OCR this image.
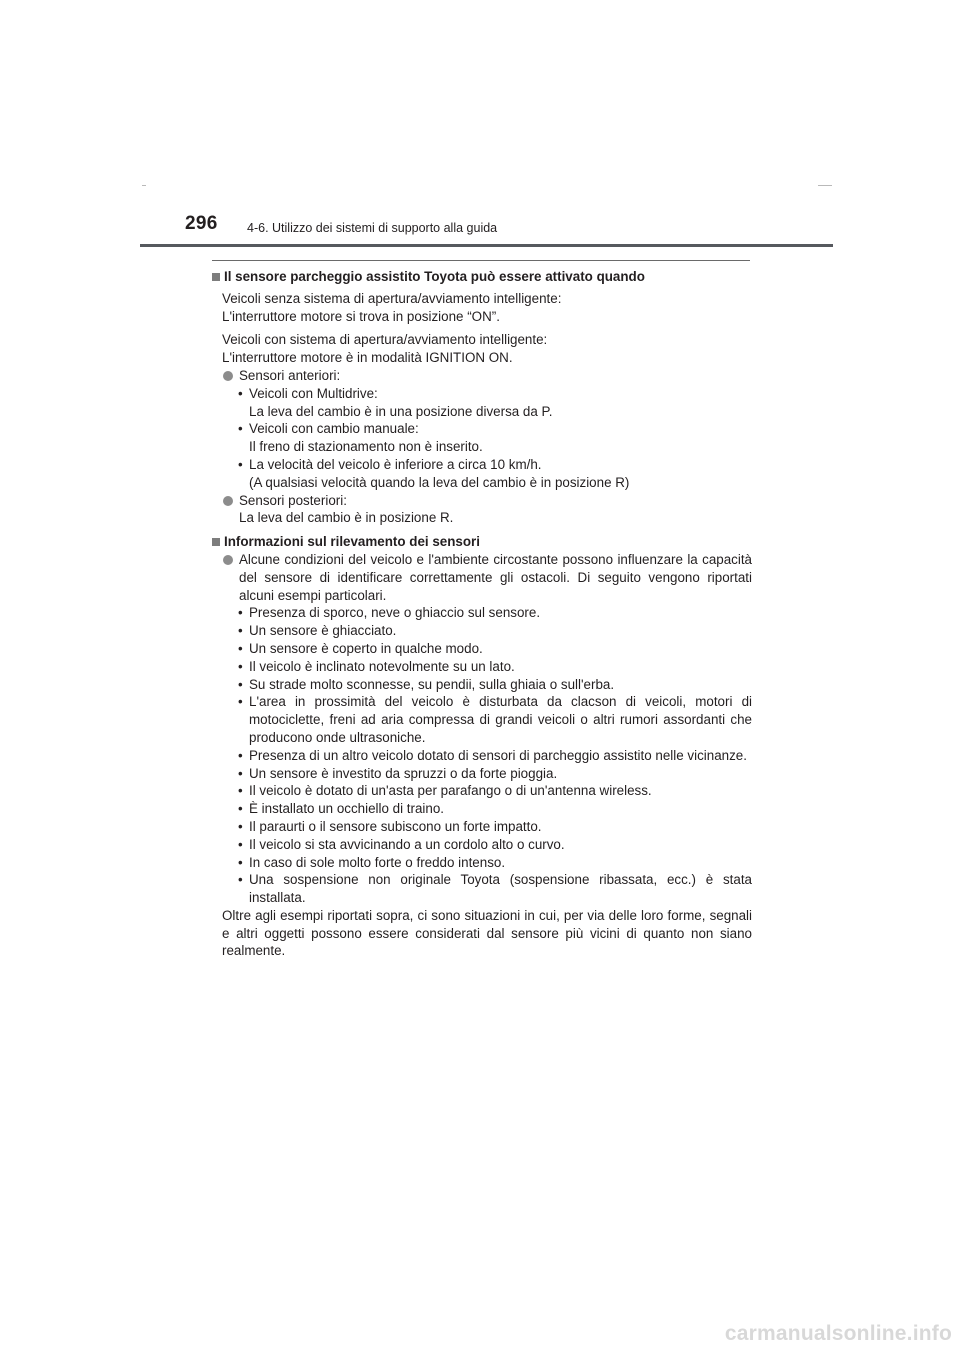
296 4-6. Utilizzo dei sistemi di supporto alla guida

Il sensore parcheggio assistito Toyota può essere attivato quando

Veicoli senza sistema di apertura/avviamento intelligente:
L'interruttore motore si trova in posizione “ON”.

Veicoli con sistema di apertura/avviamento intelligente:
L'interruttore motore è in modalità IGNITION ON.

Sensori anteriori:
• Veicoli con Multidrive:
La leva del cambio è in una posizione diversa da P.
• Veicoli con cambio manuale:
Il freno di stazionamento non è inserito.
• La velocità del veicolo è inferiore a circa 10 km/h.
(A qualsiasi velocità quando la leva del cambio è in posizione R)
Sensori posteriori:
La leva del cambio è in posizione R.

Informazioni sul rilevamento dei sensori

Alcune condizioni del veicolo e l'ambiente circostante possono influenzare la capacità del sensore di identificare correttamente gli ostacoli. Di seguito vengono riportati alcuni esempi particolari.
• Presenza di sporco, neve o ghiaccio sul sensore.
• Un sensore è ghiacciato.
• Un sensore è coperto in qualche modo.
• Il veicolo è inclinato notevolmente su un lato.
• Su strade molto sconnesse, su pendii, sulla ghiaia o sull'erba.
• L'area in prossimità del veicolo è disturbata da clacson di veicoli, motori di motociclette, freni ad aria compressa di grandi veicoli o altri rumori assordanti che producono onde ultrasoniche.
• Presenza di un altro veicolo dotato di sensori di parcheggio assistito nelle vicinanze.
• Un sensore è investito da spruzzi o da forte pioggia.
• Il veicolo è dotato di un'asta per parafango o di un'antenna wireless.
• È installato un occhiello di traino.
• Il paraurti o il sensore subiscono un forte impatto.
• Il veicolo si sta avvicinando a un cordolo alto o curvo.
• In caso di sole molto forte o freddo intenso.
• Una sospensione non originale Toyota (sospensione ribassata, ecc.) è stata installata.

Oltre agli esempi riportati sopra, ci sono situazioni in cui, per via delle loro forme, segnali e altri oggetti possono essere considerati dal sensore più vicini di quanto non siano realmente.

carmanualsonline.info
